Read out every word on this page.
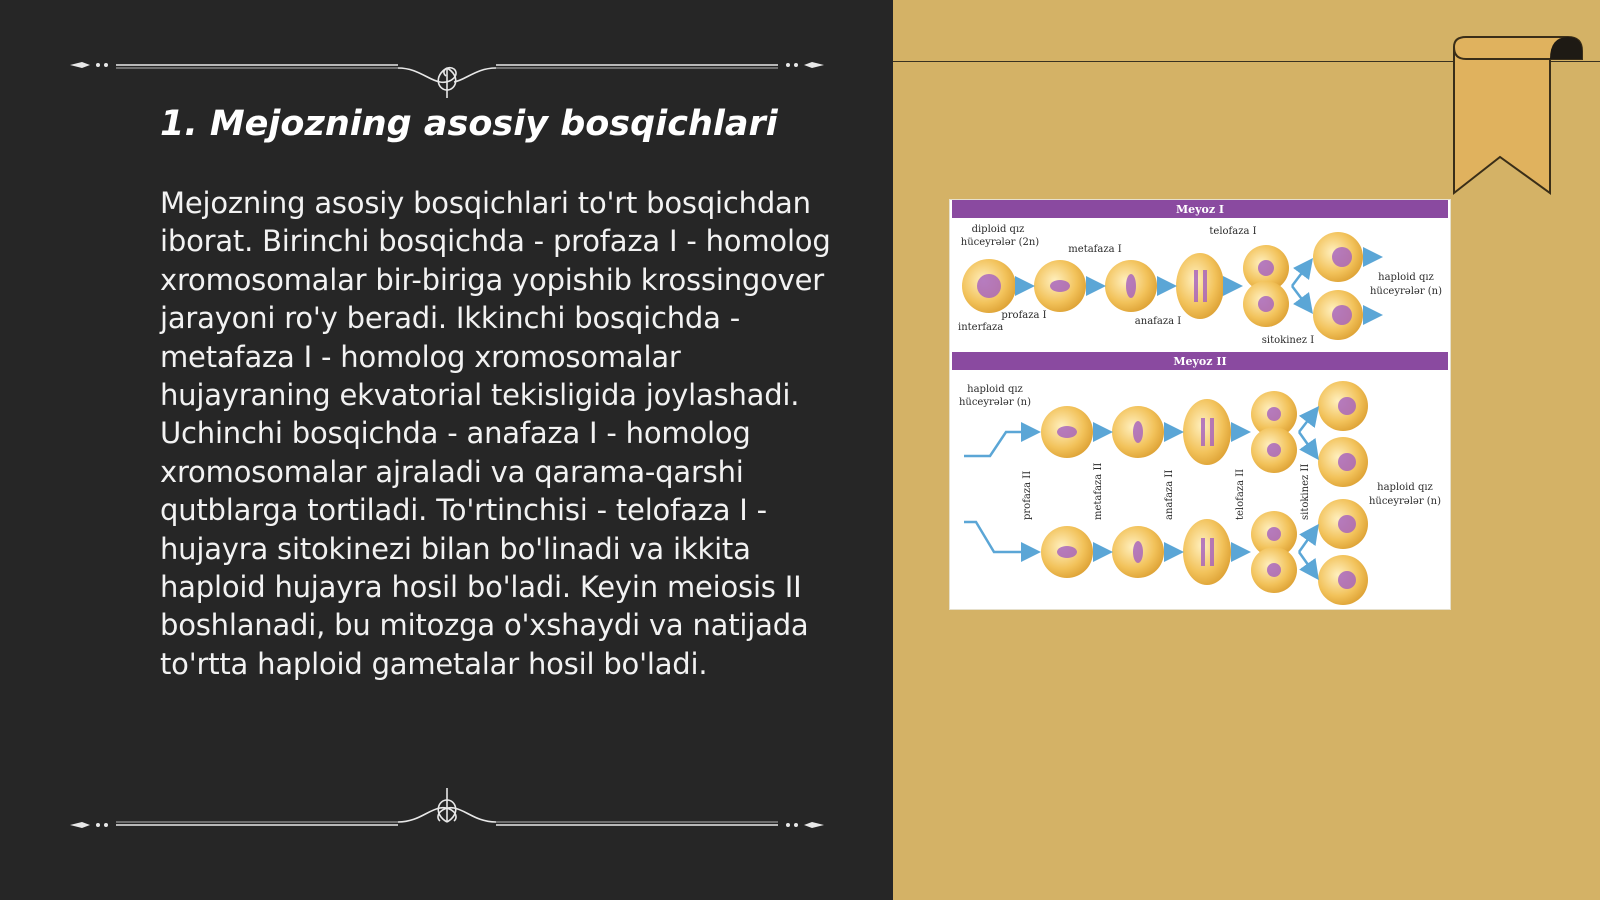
1. Mejozning asosiy bosqichlari

Mejozning asosiy bosqichlari to'rt bosqichdan iborat. Birinchi bosqichda - profaza I - homolog xromosomalar bir-biriga yopishib krossingover jarayoni ro'y beradi. Ikkinchi bosqichda - metafaza I - homolog xromosomalar hujayraning ekvatorial tekisligida joylashadi. Uchinchi bosqichda - anafaza I - homolog xromosomalar ajraladi va qarama-qarshi qutblarga tortiladi. To'rtinchisi - telofaza I - hujayra sitokinezi bilan bo'linadi va ikkita haploid hujayra hosil bo'ladi. Keyin meiosis II boshlanadi, bu mitozga o'xshaydi va natijada to'rtta haploid gametalar hosil bo'ladi.

Meyoz I
diploid qız
hüceyrələr (2n)
metafaza I
telofaza I
interfaza
profaza I
anafaza I
sitokinez I
haploid qız
hüceyrələr (n)
Meyoz II
haploid qız
hüceyrələr (n)
haploid qız
hüceyrələr (n)
profaza II	metafaza II	anafaza II	telofaza II	sitokinez II
